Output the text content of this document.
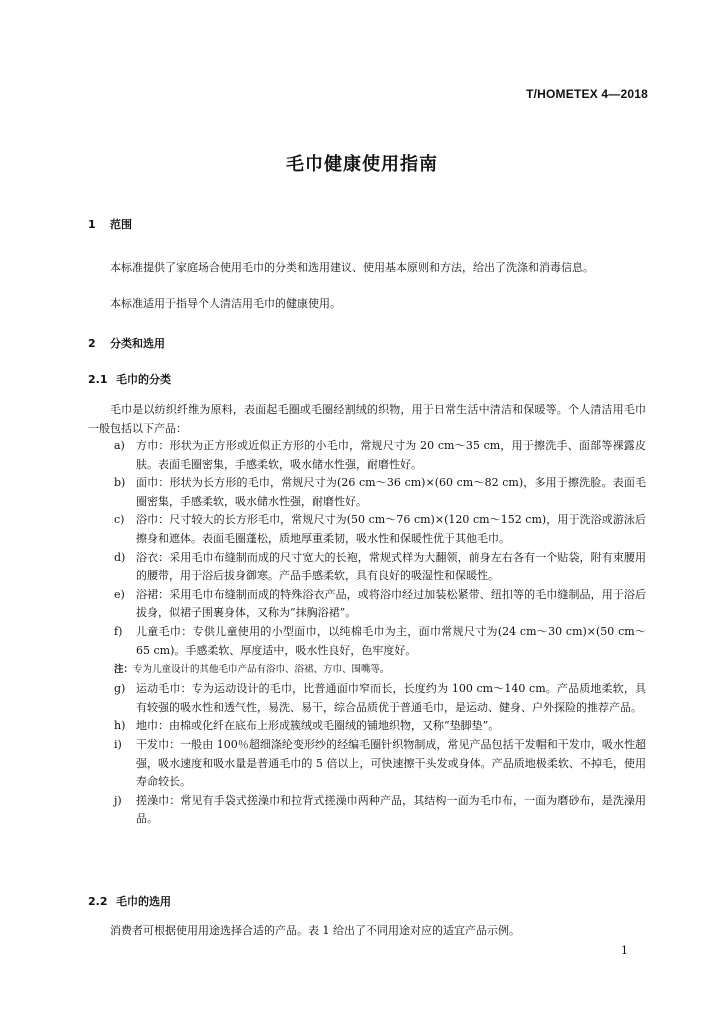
T/HOMETEX 4—2018
毛巾健康使用指南
1 范围
本标准提供了家庭场合使用毛巾的分类和选用建议、使用基本原则和方法，给出了洗涤和消毒信息。
本标准适用于指导个人清洁用毛巾的健康使用。
2 分类和选用
2.1 毛巾的分类
毛巾是以纺织纤维为原料，表面起毛圈或毛圈经割绒的织物，用于日常生活中清洁和保暖等。个人清洁用毛巾一般包括以下产品：
a)	方巾：形状为正方形或近似正方形的小毛巾，常规尺寸为 20 cm～35 cm，用于擦洗手、面部等裸露皮肤。表面毛圈密集，手感柔软，吸水储水性强，耐磨性好。
b) 面巾：形状为长方形的毛巾，常规尺寸为(26 cm～36 cm)×(60 cm～82 cm)，多用于擦洗脸。表面毛圈密集，手感柔软，吸水储水性强，耐磨性好。
c)	浴巾：尺寸较大的长方形毛巾，常规尺寸为(50 cm～76 cm)×(120 cm～152 cm)，用于洗浴或游泳后擦身和遮体。表面毛圈蓬松，质地厚重柔韧，吸水性和保暖性优于其他毛巾。
d) 浴衣：采用毛巾布缝制而成的尺寸宽大的长袍，常规式样为大翻领，前身左右各有一个贴袋，附有束腰用的腰带，用于浴后拔身御寒。产品手感柔软，具有良好的吸湿性和保暖性。
e)	浴裙：采用毛巾布缝制而成的特殊浴衣产品，或将浴巾经过加装松紧带、纽扣等的毛巾缝制品，用于浴后拔身，似裙子围裹身体，又称为“抹胸浴裙”。
f)	儿童毛巾：专供儿童使用的小型面巾，以纯棉毛巾为主，面巾常规尺寸为(24 cm～30 cm)×(50 cm～65 cm)。手感柔软、厚度适中，吸水性良好，色牢度好。
注：专为儿童设计的其他毛巾产品有浴巾、浴裙、方巾、围嘴等。
g) 运动毛巾：专为运动设计的毛巾，比普通面巾窄而长，长度约为 100 cm～140 cm。产品质地柔软，具有较强的吸水性和透气性，易洗、易干，综合品质优于普通毛巾，是运动、健身、户外探险的推荐产品。
h) 地巾：由棉或化纤在底布上形成簇绒或毛圈绒的铺地织物，又称“垫脚垫”。
i)	干发巾：一般由 100％超细涤纶变形纱的经编毛圈针织物制成，常见产品包括干发帽和干发巾，吸水性超强，吸水速度和吸水量是普通毛巾的 5 倍以上，可快速擦干头发或身体。产品质地极柔软、不掉毛，使用寿命较长。
j)	搓澡巾：常见有手袋式搓澡巾和拉背式搓澡巾两种产品，其结构一面为毛巾布，一面为磨砂布，是洗澡用品。
2.2 毛巾的选用
消费者可根据使用用途选择合适的产品。表 1 给出了不同用途对应的适宜产品示例。
1
